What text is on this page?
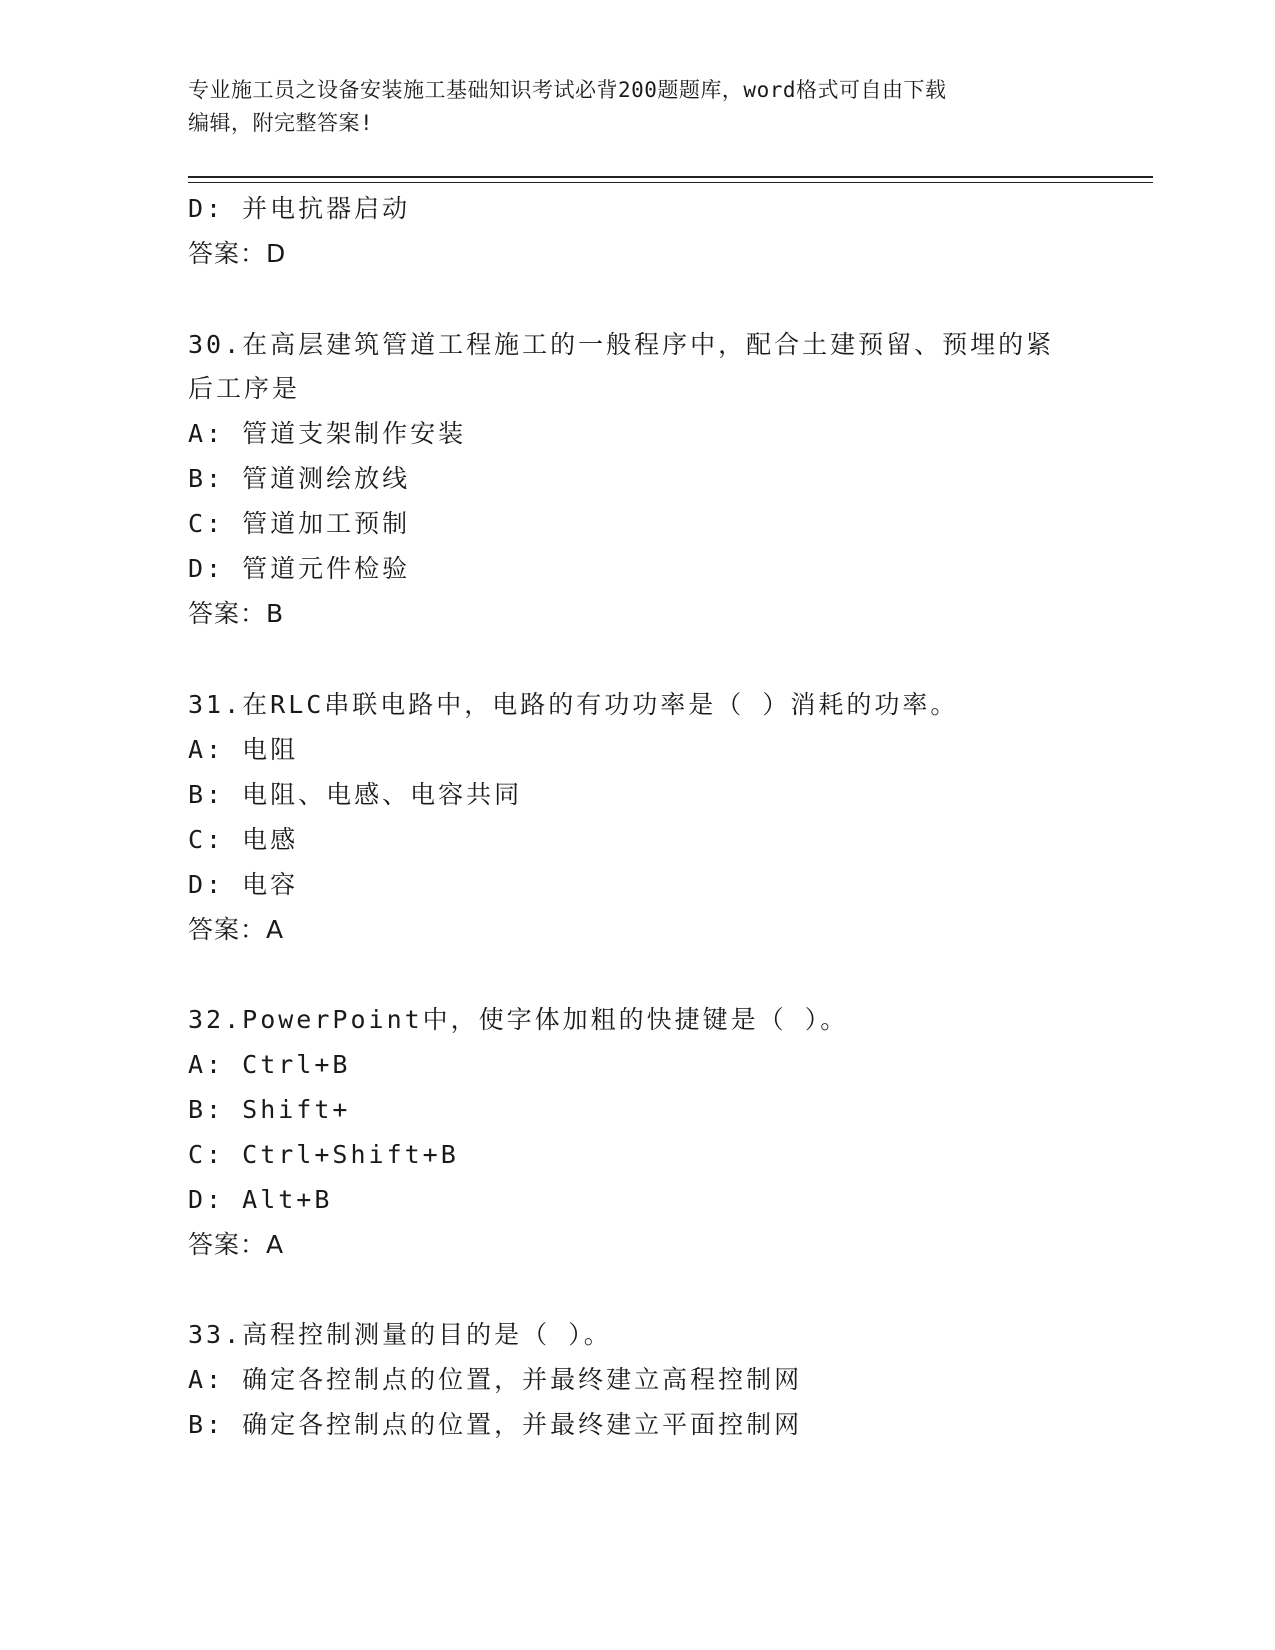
专业施工员之设备安装施工基础知识考试必背200题题库，word格式可自由下载
编辑，附完整答案!
D: 并电抗器启动
答案：D
30.在高层建筑管道工程施工的一般程序中，配合土建预留、预埋的紧
后工序是
A: 管道支架制作安装
B: 管道测绘放线
C: 管道加工预制
D: 管道元件检验
答案：B
31.在RLC串联电路中，电路的有功功率是（ ）消耗的功率。
A: 电阻
B: 电阻、电感、电容共同
C: 电感
D: 电容
答案：A
32.PowerPoint中，使字体加粗的快捷键是（ ）。
A: Ctrl+B
B: Shift+
C: Ctrl+Shift+B
D: Alt+B
答案：A
33.高程控制测量的目的是（ ）。
A: 确定各控制点的位置，并最终建立高程控制网
B: 确定各控制点的位置，并最终建立平面控制网
